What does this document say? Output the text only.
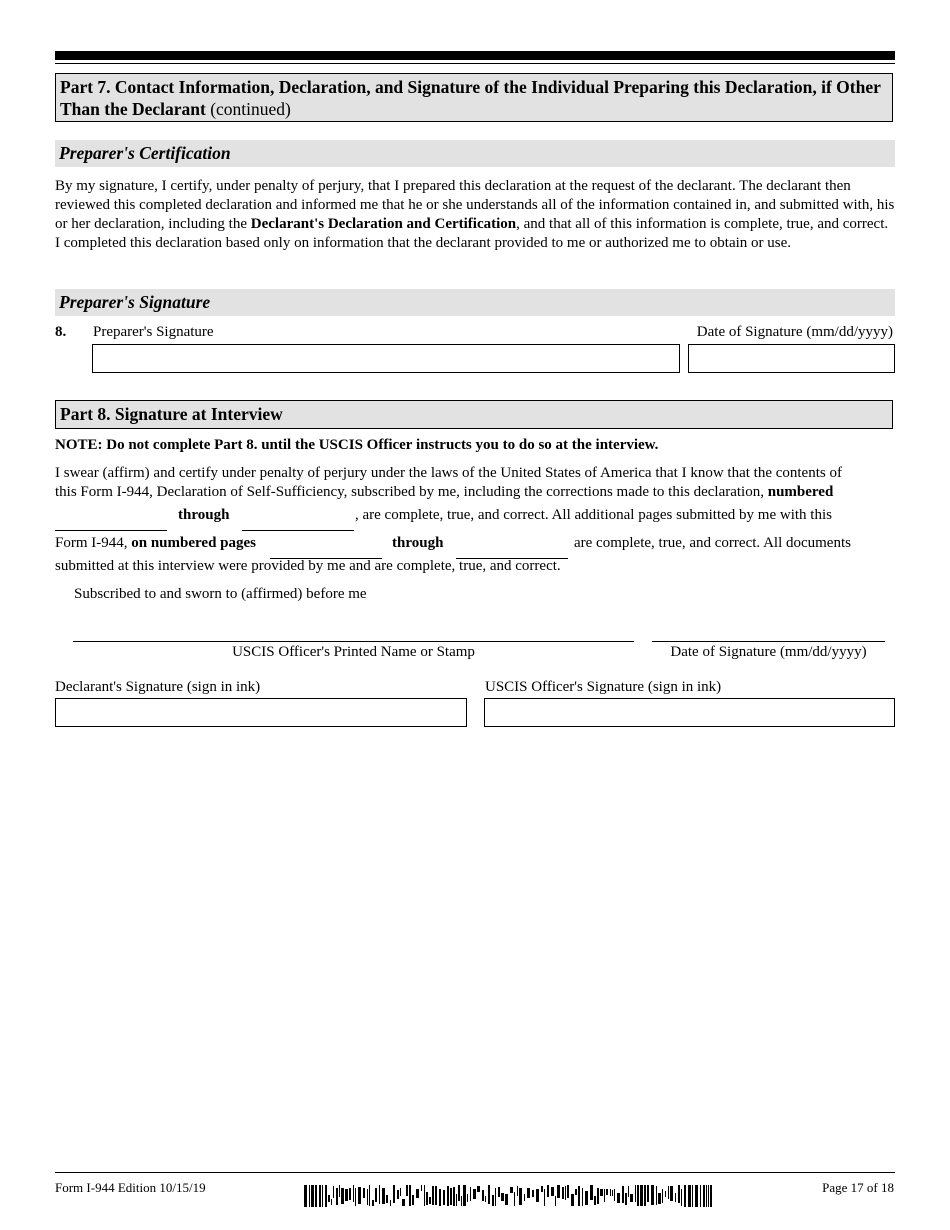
Part 7. Contact Information, Declaration, and Signature of the Individual Preparing this Declaration, if Other Than the Declarant (continued)
Preparer's Certification
By my signature, I certify, under penalty of perjury, that I prepared this declaration at the request of the declarant. The declarant then reviewed this completed declaration and informed me that he or she understands all of the information contained in, and submitted with, his or her declaration, including the Declarant's Declaration and Certification, and that all of this information is complete, true, and correct. I completed this declaration based only on information that the declarant provided to me or authorized me to obtain or use.
Preparer's Signature
8. Preparer's Signature	Date of Signature (mm/dd/yyyy)
Part 8. Signature at Interview
NOTE: Do not complete Part 8. until the USCIS Officer instructs you to do so at the interview.
I swear (affirm) and certify under penalty of perjury under the laws of the United States of America that I know that the contents of
this Form I-944, Declaration of Self-Sufficiency, subscribed by me, including the corrections made to this declaration, numbered
through	, are complete, true, and correct. All additional pages submitted by me with this
Form I-944, on numbered pages	through	are complete, true, and correct. All documents
submitted at this interview were provided by me and are complete, true, and correct.
Subscribed to and sworn to (affirmed) before me
USCIS Officer's Printed Name or Stamp	Date of Signature (mm/dd/yyyy)
Declarant's Signature (sign in ink)	USCIS Officer's Signature (sign in ink)
Form I-944 Edition 10/15/19	Page 17 of 18
